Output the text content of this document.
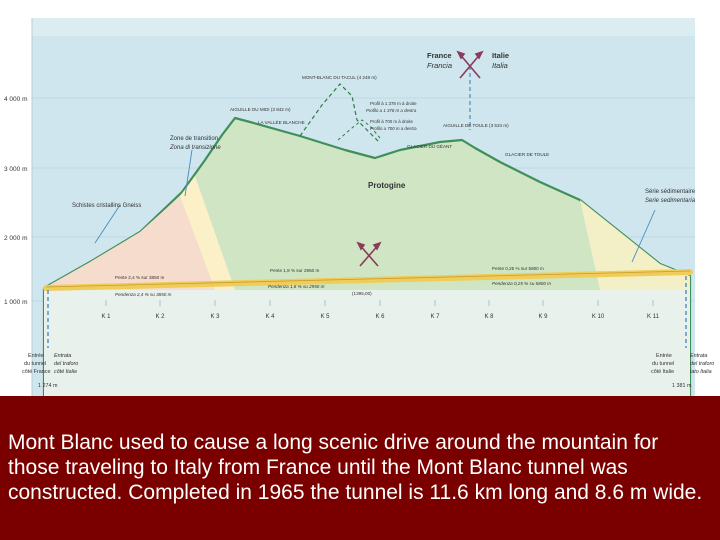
4 000 m
3 000 m
2 000 m
1 000 m
K 1	K 2	K 3	K 4	K 5	K 6	K 7	K 8	K 9	K 10	K 11
France
Francia
Italie
Italia
MONT-BLANC DU TACUL (4 248 m)
AIGUILLE DU MIDI (3 842 m)
LA VALLÉE BLANCHE
AIGUILLE DE TOULE (3 534 m)
GLACIER DU GÉANT
GLACIER DE TOULE
Profil à 1 378 m à droite
Profilo a 1 378 m a destra
Profil à 700 m à droite
Profilo a 700 m a destra
Zone de transition
Zona di transizione
Schistes cristallins Gneiss
Série sédimentaire
Serie sedimentaria
Protogine
Pente 2,4 % sur 3850 m
Pendenza 2,4 % su 3850 m
Pente 1,8 % sur 2950 m
Pendenza 1,8 % su 2950 m
Pente 0,25 % sur 5800 m
Pendenza 0,25 % su 5800 m
(1395,00)
Entrée
du tunnel
côté France
Entrata
del traforo
côté Italie
1 274 m
Entrée
du tunnel
côté Italie
Entrata
del traforo
lato Italia
1 381 m

Mont Blanc used to cause a long scenic drive around the mountain for those traveling to Italy from France until the Mont Blanc tunnel was constructed. Completed in 1965 the tunnel is 11.6 km long and 8.6 m wide.
